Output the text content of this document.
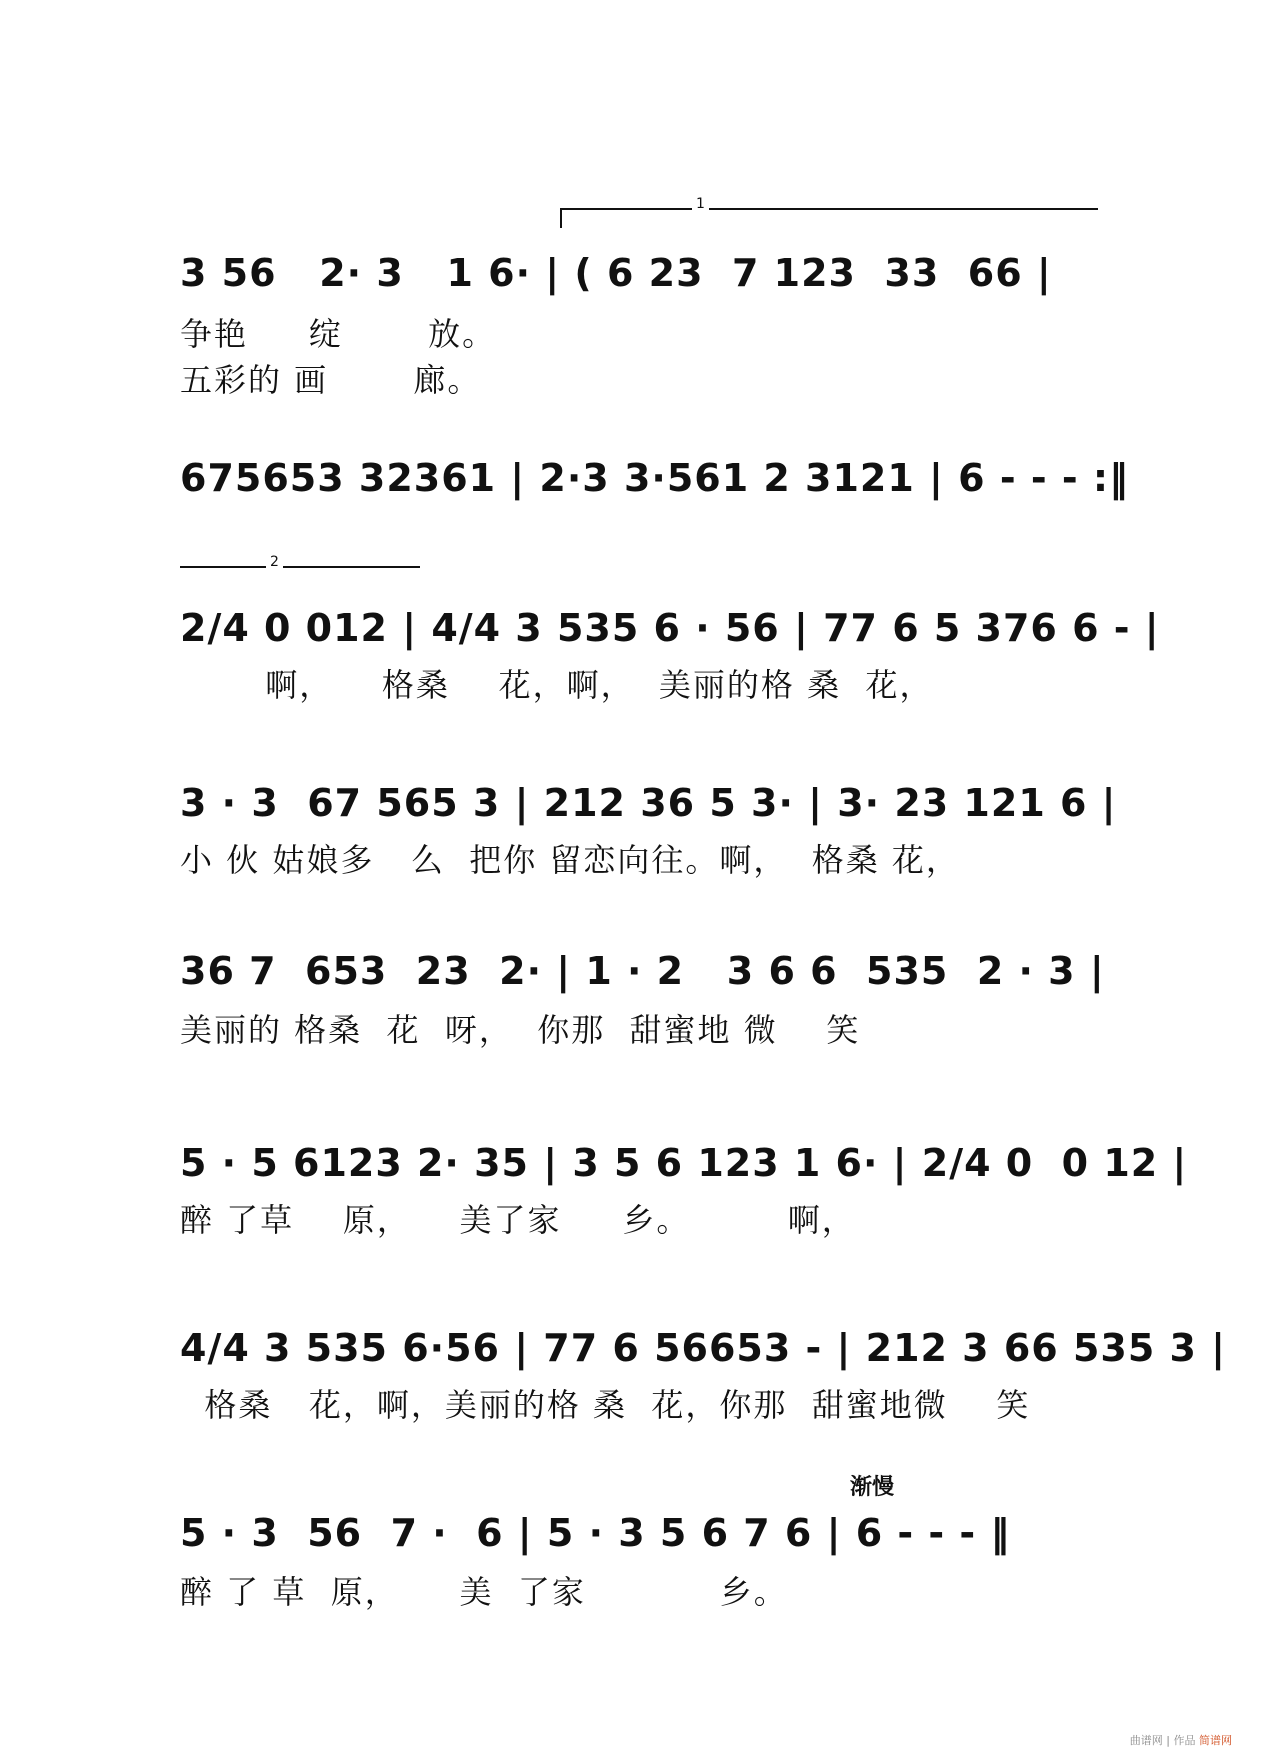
1
2
渐慢
3 56   2· 3   1 6· | ( 6 23  7 123  33  66 |
争艳     绽       放。
五彩的 画       廊。
675653 32361 | 2·3 3·561 2 3121 | 6 - - - :‖
2/4 0 012 | 4/4 3 535 6 · 56 | 77 6 5 376 6 - |
啊，    格桑    花，啊，  美丽的格 桑  花，
3 · 3  67 565 3 | 212 36 5 3· | 3· 23 121 6 |
小 伙 姑娘多   么  把你 留恋向往。啊，  格桑 花，
36 7  653  23  2· | 1 · 2   3 6 6  535  2 · 3 |
美丽的 格桑  花  呀，  你那  甜蜜地 微    笑
5 · 5 6123 2· 35 | 3 5 6 123 1 6· | 2/4 0  0 12 |
醉 了草    原，    美了家     乡。        啊，
4/4 3 535 6·56 | 77 6 56653 - | 212 3 66 535 3 |
格桑   花，啊，美丽的格 桑  花，你那  甜蜜地微    笑
5 · 3  56  7 ·  6 | 5 · 3 5 6 7 6 | 6 - - - ‖
醉 了 草  原，     美  了家           乡。
曲谱网 | 作品 简谱网
